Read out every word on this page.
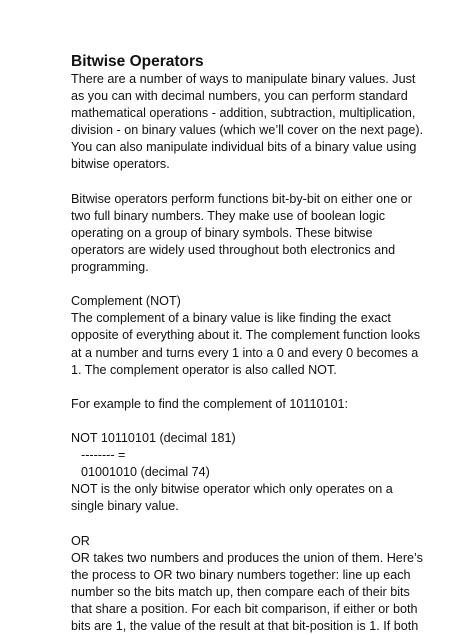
Bitwise Operators
There are a number of ways to manipulate binary values. Just
as you can with decimal numbers, you can perform standard
mathematical operations - addition, subtraction, multiplication,
division - on binary values (which we’ll cover on the next page).
You can also manipulate individual bits of a binary value using
bitwise operators.
Bitwise operators perform functions bit-by-bit on either one or
two full binary numbers. They make use of boolean logic
operating on a group of binary symbols. These bitwise
operators are widely used throughout both electronics and
programming.
Complement (NOT)
The complement of a binary value is like finding the exact
opposite of everything about it. The complement function looks
at a number and turns every 1 into a 0 and every 0 becomes a
1. The complement operator is also called NOT.
For example to find the complement of 10110101:
NOT 10110101 (decimal 181)
-------- =
01001010 (decimal 74)
NOT is the only bitwise operator which only operates on a
single binary value.
OR
OR takes two numbers and produces the union of them. Here’s
the process to OR two binary numbers together: line up each
number so the bits match up, then compare each of their bits
that share a position. For each bit comparison, if either or both
bits are 1, the value of the result at that bit-position is 1. If both
